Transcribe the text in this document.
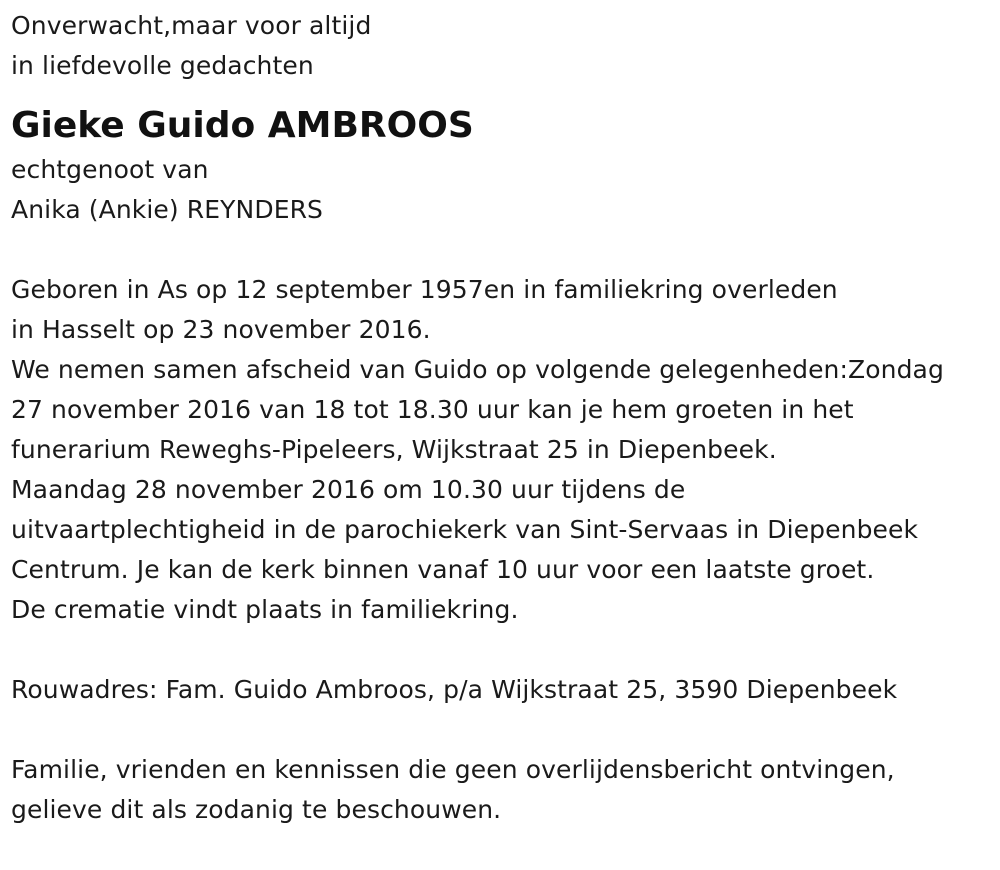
Onverwacht,maar voor altijd
in liefdevolle gedachten
Gieke Guido AMBROOS
echtgenoot van
Anika (Ankie) REYNDERS
Geboren in As op 12 september 1957en in familiekring overleden
in Hasselt op 23 november 2016.
We nemen samen afscheid van Guido op volgende gelegenheden:Zondag
27 november 2016 van 18 tot 18.30 uur kan je hem groeten in het
funerarium Reweghs-Pipeleers, Wijkstraat 25 in Diepenbeek.
Maandag 28 november 2016 om 10.30 uur tijdens de
uitvaartplechtigheid in de parochiekerk van Sint-Servaas in Diepenbeek
Centrum. Je kan de kerk binnen vanaf 10 uur voor een laatste groet.
De crematie vindt plaats in familiekring.
Rouwadres: Fam. Guido Ambroos, p/a Wijkstraat 25, 3590 Diepenbeek
Familie, vrienden en kennissen die geen overlijdensbericht ontvingen,
gelieve dit als zodanig te beschouwen.
